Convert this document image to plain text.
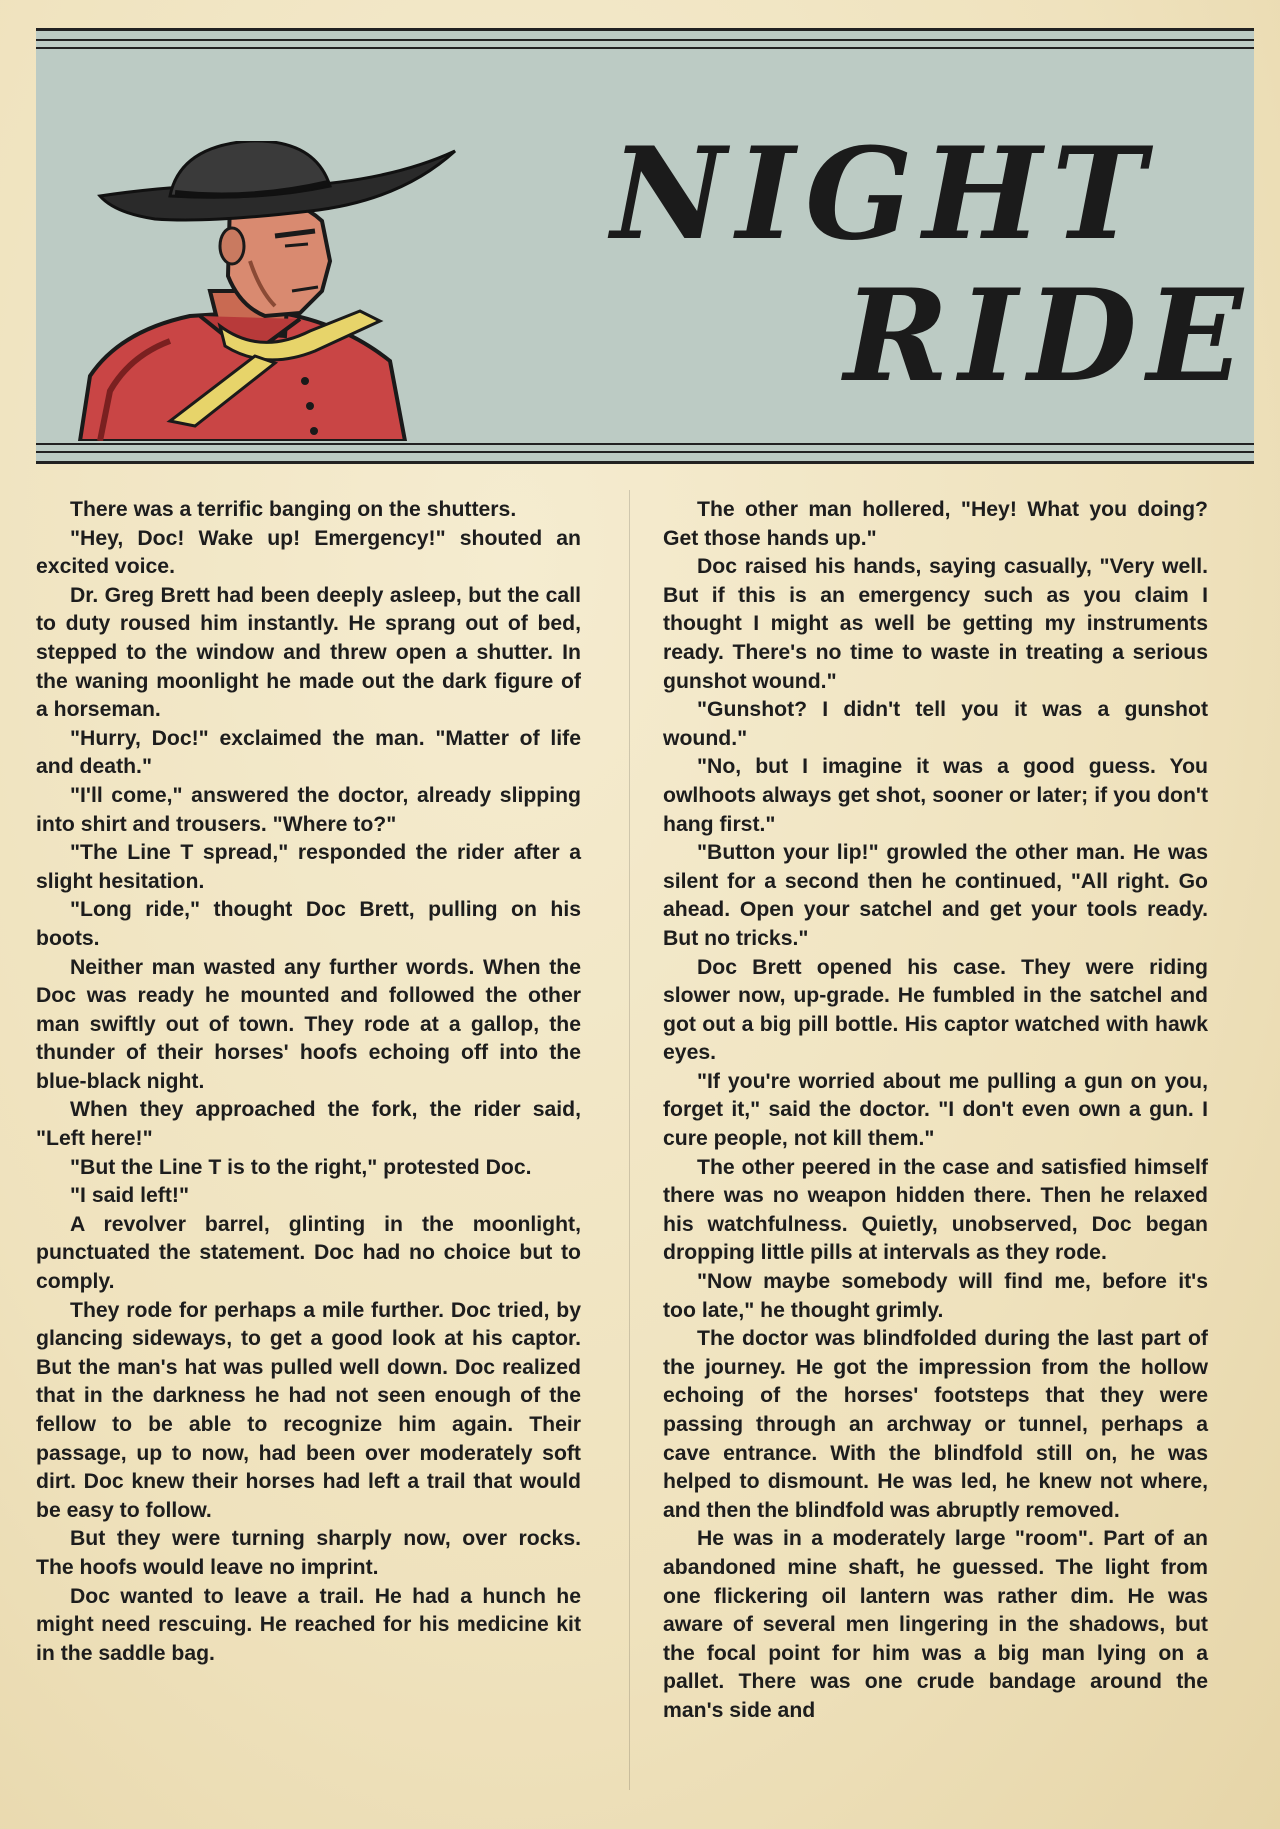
NIGHT
RIDE

There was a terrific banging on the shutters.

"Hey, Doc! Wake up! Emergency!" shouted an excited voice.

Dr. Greg Brett had been deeply asleep, but the call to duty roused him instantly. He sprang out of bed, stepped to the window and threw open a shutter. In the waning moonlight he made out the dark figure of a horseman.

"Hurry, Doc!" exclaimed the man. "Matter of life and death."

"I'll come," answered the doctor, already slipping into shirt and trousers. "Where to?"

"The Line T spread," responded the rider after a slight hesitation.

"Long ride," thought Doc Brett, pulling on his boots.

Neither man wasted any further words. When the Doc was ready he mounted and followed the other man swiftly out of town. They rode at a gallop, the thunder of their horses' hoofs echoing off into the blue-black night.

When they approached the fork, the rider said, "Left here!"

"But the Line T is to the right," protested Doc.

"I said left!"

A revolver barrel, glinting in the moonlight, punctuated the statement. Doc had no choice but to comply.

They rode for perhaps a mile further. Doc tried, by glancing sideways, to get a good look at his captor. But the man's hat was pulled well down. Doc realized that in the darkness he had not seen enough of the fellow to be able to recognize him again. Their passage, up to now, had been over moderately soft dirt. Doc knew their horses had left a trail that would be easy to follow.

But they were turning sharply now, over rocks. The hoofs would leave no imprint.

Doc wanted to leave a trail. He had a hunch he might need rescuing. He reached for his medicine kit in the saddle bag.

The other man hollered, "Hey! What you doing? Get those hands up."

Doc raised his hands, saying casually, "Very well. But if this is an emergency such as you claim I thought I might as well be getting my instruments ready. There's no time to waste in treating a serious gunshot wound."

"Gunshot? I didn't tell you it was a gunshot wound."

"No, but I imagine it was a good guess. You owlhoots always get shot, sooner or later; if you don't hang first."

"Button your lip!" growled the other man. He was silent for a second then he continued, "All right. Go ahead. Open your satchel and get your tools ready. But no tricks."

Doc Brett opened his case. They were riding slower now, up-grade. He fumbled in the satchel and got out a big pill bottle. His captor watched with hawk eyes.

"If you're worried about me pulling a gun on you, forget it," said the doctor. "I don't even own a gun. I cure people, not kill them."

The other peered in the case and satisfied himself there was no weapon hidden there. Then he relaxed his watchfulness. Quietly, unobserved, Doc began dropping little pills at intervals as they rode.

"Now maybe somebody will find me, before it's too late," he thought grimly.

The doctor was blindfolded during the last part of the journey. He got the impression from the hollow echoing of the horses' footsteps that they were passing through an archway or tunnel, perhaps a cave entrance. With the blindfold still on, he was helped to dismount. He was led, he knew not where, and then the blindfold was abruptly removed.

He was in a moderately large "room". Part of an abandoned mine shaft, he guessed. The light from one flickering oil lantern was rather dim. He was aware of several men lingering in the shadows, but the focal point for him was a big man lying on a pallet. There was one crude bandage around the man's side and
